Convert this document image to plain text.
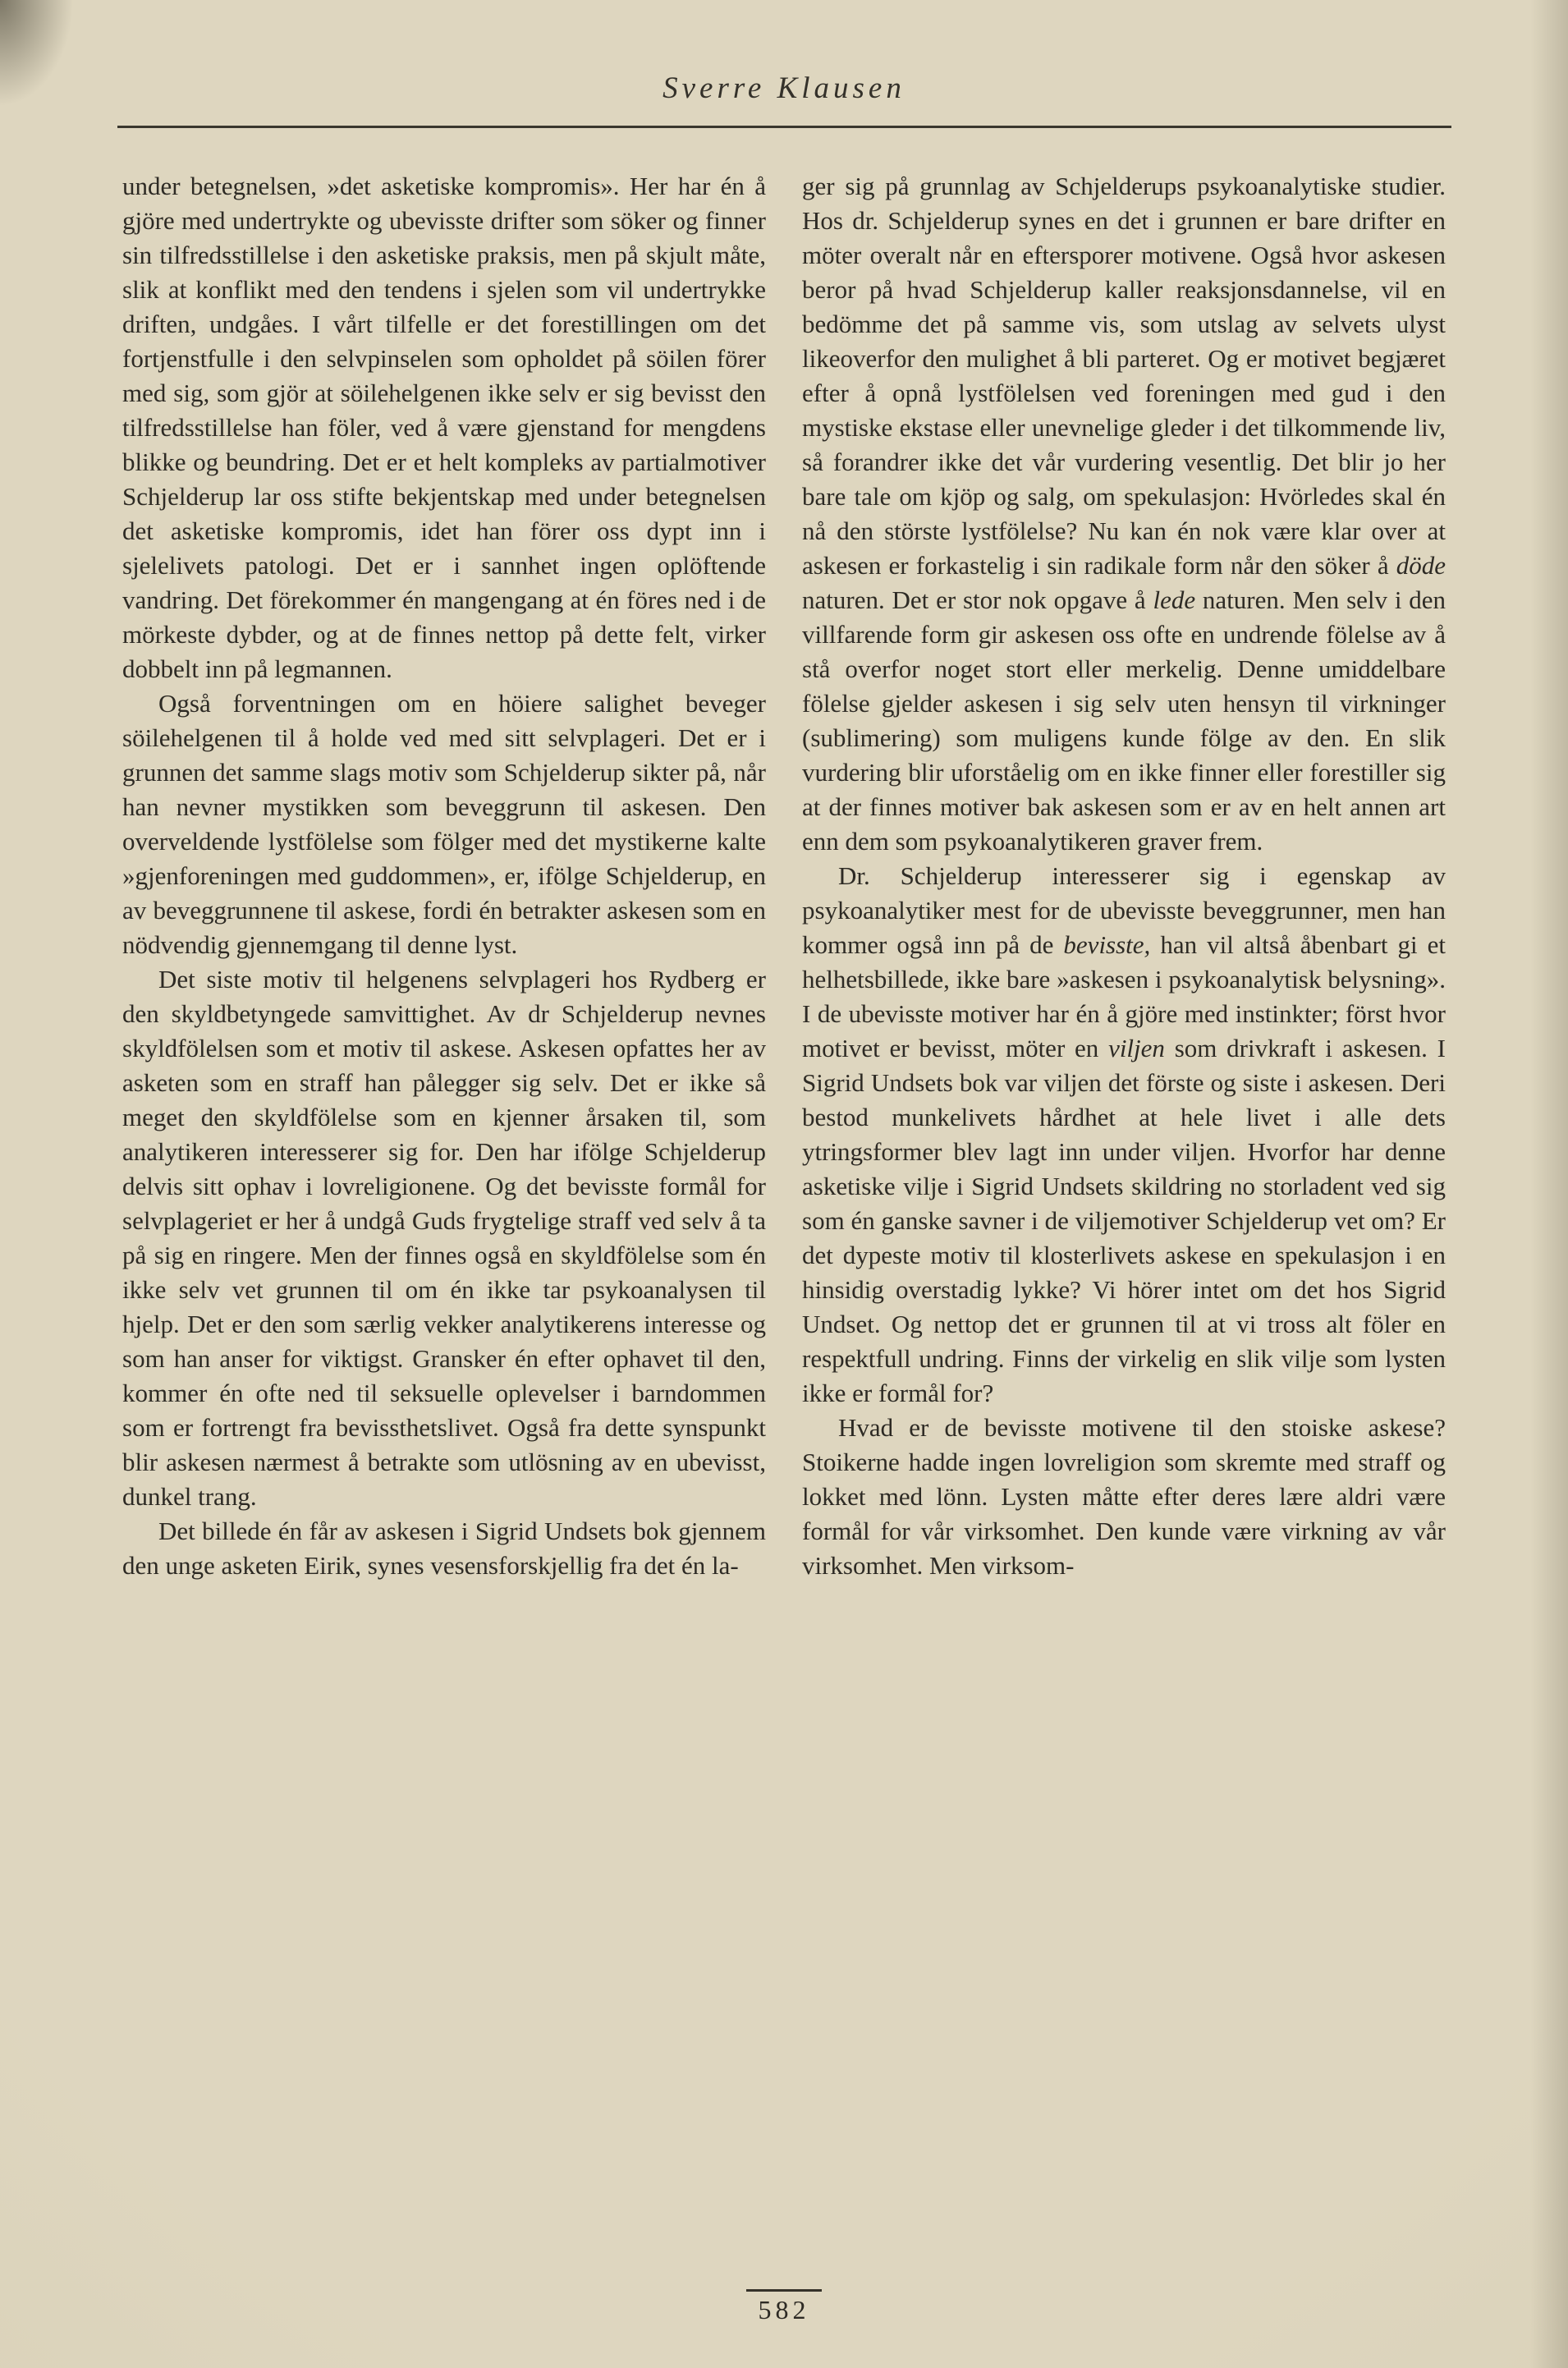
Sverre Klausen

under betegnelsen, »det asketiske kompromis». Her har én å gjöre med undertrykte og ubevisste drifter som söker og finner sin tilfredsstillelse i den asketiske praksis, men på skjult måte, slik at konflikt med den tendens i sjelen som vil undertrykke driften, undgåes. I vårt tilfelle er det forestillingen om det fortjenstfulle i den selvpinselen som opholdet på söilen förer med sig, som gjör at söilehelgenen ikke selv er sig bevisst den tilfredsstillelse han föler, ved å være gjenstand for mengdens blikke og beundring. Det er et helt kompleks av partialmotiver Schjelderup lar oss stifte bekjentskap med under betegnelsen det asketiske kompromis, idet han förer oss dypt inn i sjelelivets patologi. Det er i sannhet ingen oplöftende vandring. Det förekommer én mangengang at én föres ned i de mörkeste dybder, og at de finnes nettop på dette felt, virker dobbelt inn på legmannen.

Også forventningen om en höiere salighet beveger söilehelgenen til å holde ved med sitt selvplageri. Det er i grunnen det samme slags motiv som Schjelderup sikter på, når han nevner mystikken som beveggrunn til askesen. Den overveldende lystfölelse som fölger med det mystikerne kalte »gjenforeningen med guddommen», er, ifölge Schjelderup, en av beveggrunnene til askese, fordi én betrakter askesen som en nödvendig gjennemgang til denne lyst.

Det siste motiv til helgenens selvplageri hos Rydberg er den skyldbetyngede samvittighet. Av dr Schjelderup nevnes skyldfölelsen som et motiv til askese. Askesen opfattes her av asketen som en straff han pålegger sig selv. Det er ikke så meget den skyldfölelse som en kjenner årsaken til, som analytikeren interesserer sig for. Den har ifölge Schjelderup delvis sitt ophav i lovreligionene. Og det bevisste formål for selvplageriet er her å undgå Guds frygtelige straff ved selv å ta på sig en ringere. Men der finnes også en skyldfölelse som én ikke selv vet grunnen til om én ikke tar psykoanalysen til hjelp. Det er den som særlig vekker analytikerens interesse og som han anser for viktigst. Gransker én efter ophavet til den, kommer én ofte ned til seksuelle oplevelser i barndommen som er fortrengt fra bevissthetslivet. Også fra dette synspunkt blir askesen nærmest å betrakte som utlösning av en ubevisst, dunkel trang.

Det billede én får av askesen i Sigrid Undsets bok gjennem den unge asketen Eirik, synes vesensforskjellig fra det én la-

ger sig på grunnlag av Schjelderups psykoanalytiske studier. Hos dr. Schjelderup synes en det i grunnen er bare drifter en möter overalt når en eftersporer motivene. Også hvor askesen beror på hvad Schjelderup kaller reaksjonsdannelse, vil en bedömme det på samme vis, som utslag av selvets ulyst likeoverfor den mulighet å bli parteret. Og er motivet begjæret efter å opnå lystfölelsen ved foreningen med gud i den mystiske ekstase eller unevnelige gleder i det tilkommende liv, så forandrer ikke det vår vurdering vesentlig. Det blir jo her bare tale om kjöp og salg, om spekulasjon: Hvörledes skal én nå den störste lystfölelse? Nu kan én nok være klar over at askesen er forkastelig i sin radikale form når den söker å döde naturen. Det er stor nok opgave å lede naturen. Men selv i den villfarende form gir askesen oss ofte en undrende fölelse av å stå overfor noget stort eller merkelig. Denne umiddelbare fölelse gjelder askesen i sig selv uten hensyn til virkninger (sublimering) som muligens kunde fölge av den. En slik vurdering blir uforståelig om en ikke finner eller forestiller sig at der finnes motiver bak askesen som er av en helt annen art enn dem som psykoanalytikeren graver frem.

Dr. Schjelderup interesserer sig i egenskap av psykoanalytiker mest for de ubevisste beveggrunner, men han kommer også inn på de bevisste, han vil altså åbenbart gi et helhetsbillede, ikke bare »askesen i psykoanalytisk belysning». I de ubevisste motiver har én å gjöre med instinkter; först hvor motivet er bevisst, möter en viljen som drivkraft i askesen. I Sigrid Undsets bok var viljen det förste og siste i askesen. Deri bestod munkelivets hårdhet at hele livet i alle dets ytringsformer blev lagt inn under viljen. Hvorfor har denne asketiske vilje i Sigrid Undsets skildring no storladent ved sig som én ganske savner i de viljemotiver Schjelderup vet om? Er det dypeste motiv til klosterlivets askese en spekulasjon i en hinsidig overstadig lykke? Vi hörer intet om det hos Sigrid Undset. Og nettop det er grunnen til at vi tross alt föler en respektfull undring. Finns der virkelig en slik vilje som lysten ikke er formål for?

Hvad er de bevisste motivene til den stoiske askese? Stoikerne hadde ingen lovreligion som skremte med straff og lokket med lönn. Lysten måtte efter deres lære aldri være formål for vår virksomhet. Den kunde være virkning av vår virksomhet. Men virksom-

582
